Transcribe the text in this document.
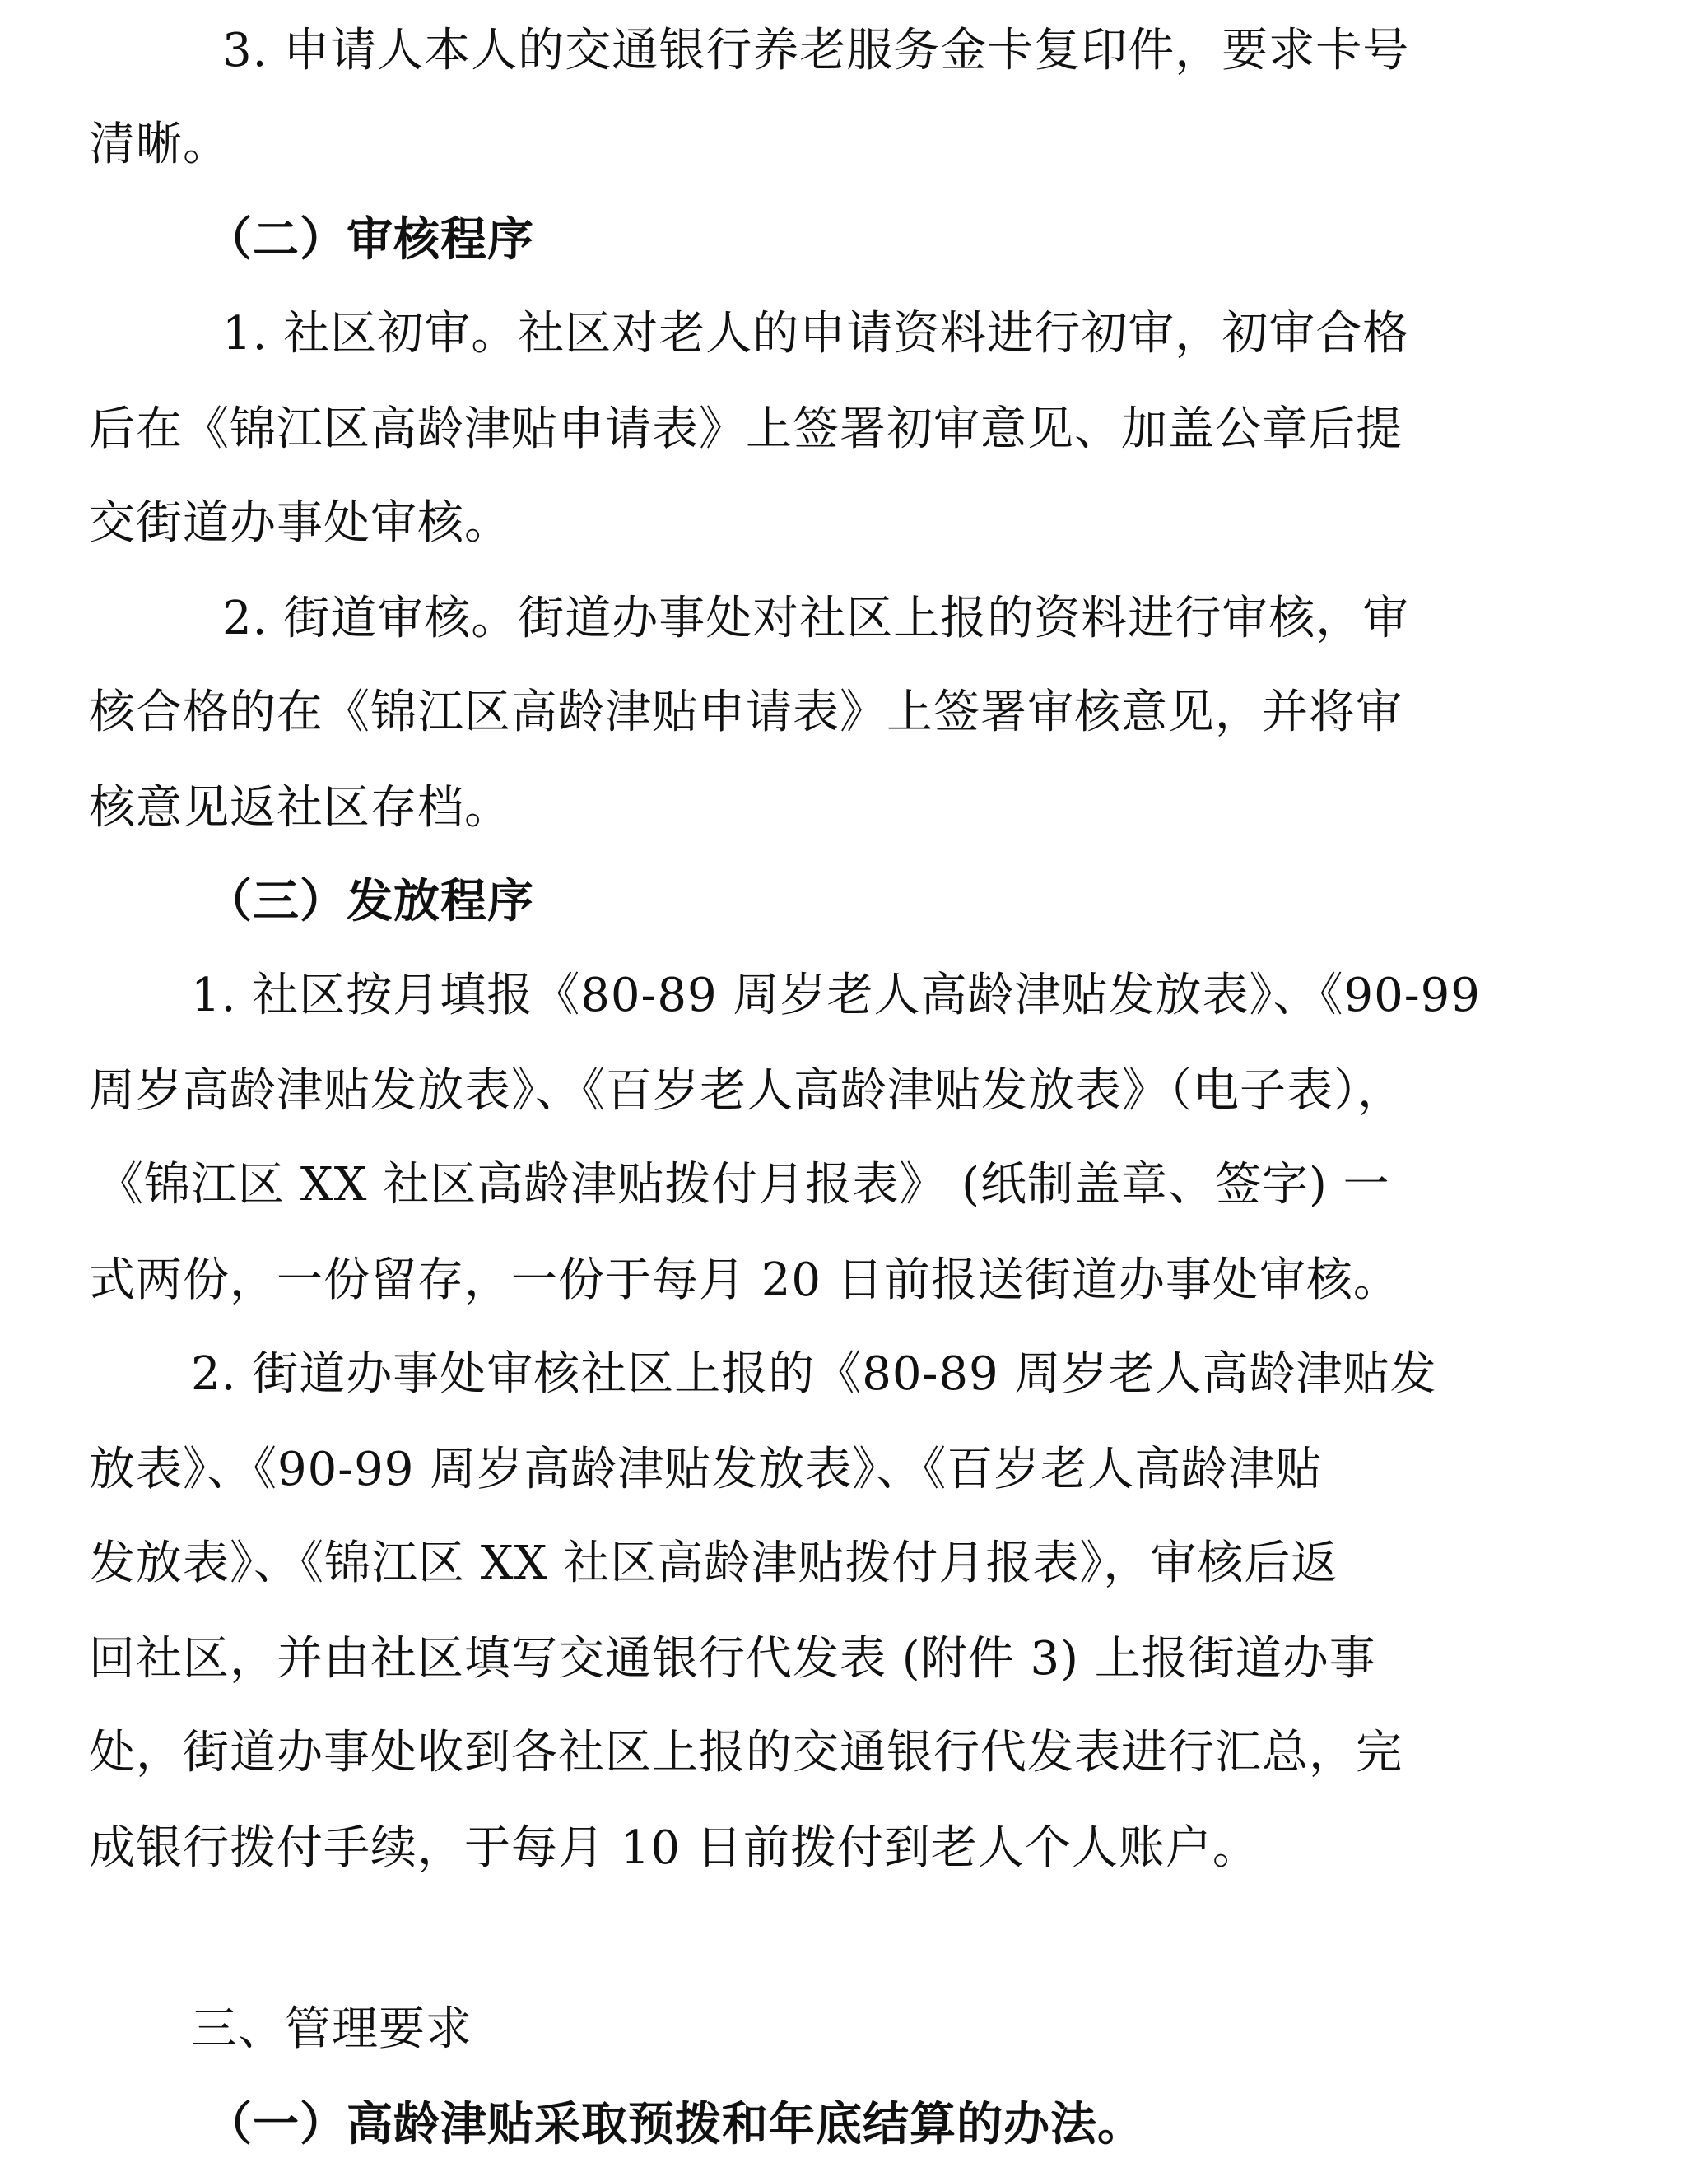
3. 申请人本人的交通银行养老服务金卡复印件，要求卡号
清晰。
（二）审核程序
1. 社区初审。社区对老人的申请资料进行初审，初审合格
后在《锦江区高龄津贴申请表》上签署初审意见、加盖公章后提
交街道办事处审核。
2. 街道审核。街道办事处对社区上报的资料进行审核，审
核合格的在《锦江区高龄津贴申请表》上签署审核意见，并将审
核意见返社区存档。
（三）发放程序
1. 社区按月填报《80-89 周岁老人高龄津贴发放表》、《90-99
周岁高龄津贴发放表》、《百岁老人高龄津贴发放表》（电子表），
《锦江区 XX 社区高龄津贴拨付月报表》 (纸制盖章、签字) 一
式两份，一份留存，一份于每月 20 日前报送街道办事处审核。
2. 街道办事处审核社区上报的《80-89 周岁老人高龄津贴发
放表》、《90-99 周岁高龄津贴发放表》、《百岁老人高龄津贴
发放表》、《锦江区 XX 社区高龄津贴拨付月报表》，审核后返
回社区，并由社区填写交通银行代发表 (附件 3) 上报街道办事
处，街道办事处收到各社区上报的交通银行代发表进行汇总，完
成银行拨付手续，于每月 10 日前拨付到老人个人账户。
三、管理要求
（一）高龄津贴采取预拨和年底结算的办法。
